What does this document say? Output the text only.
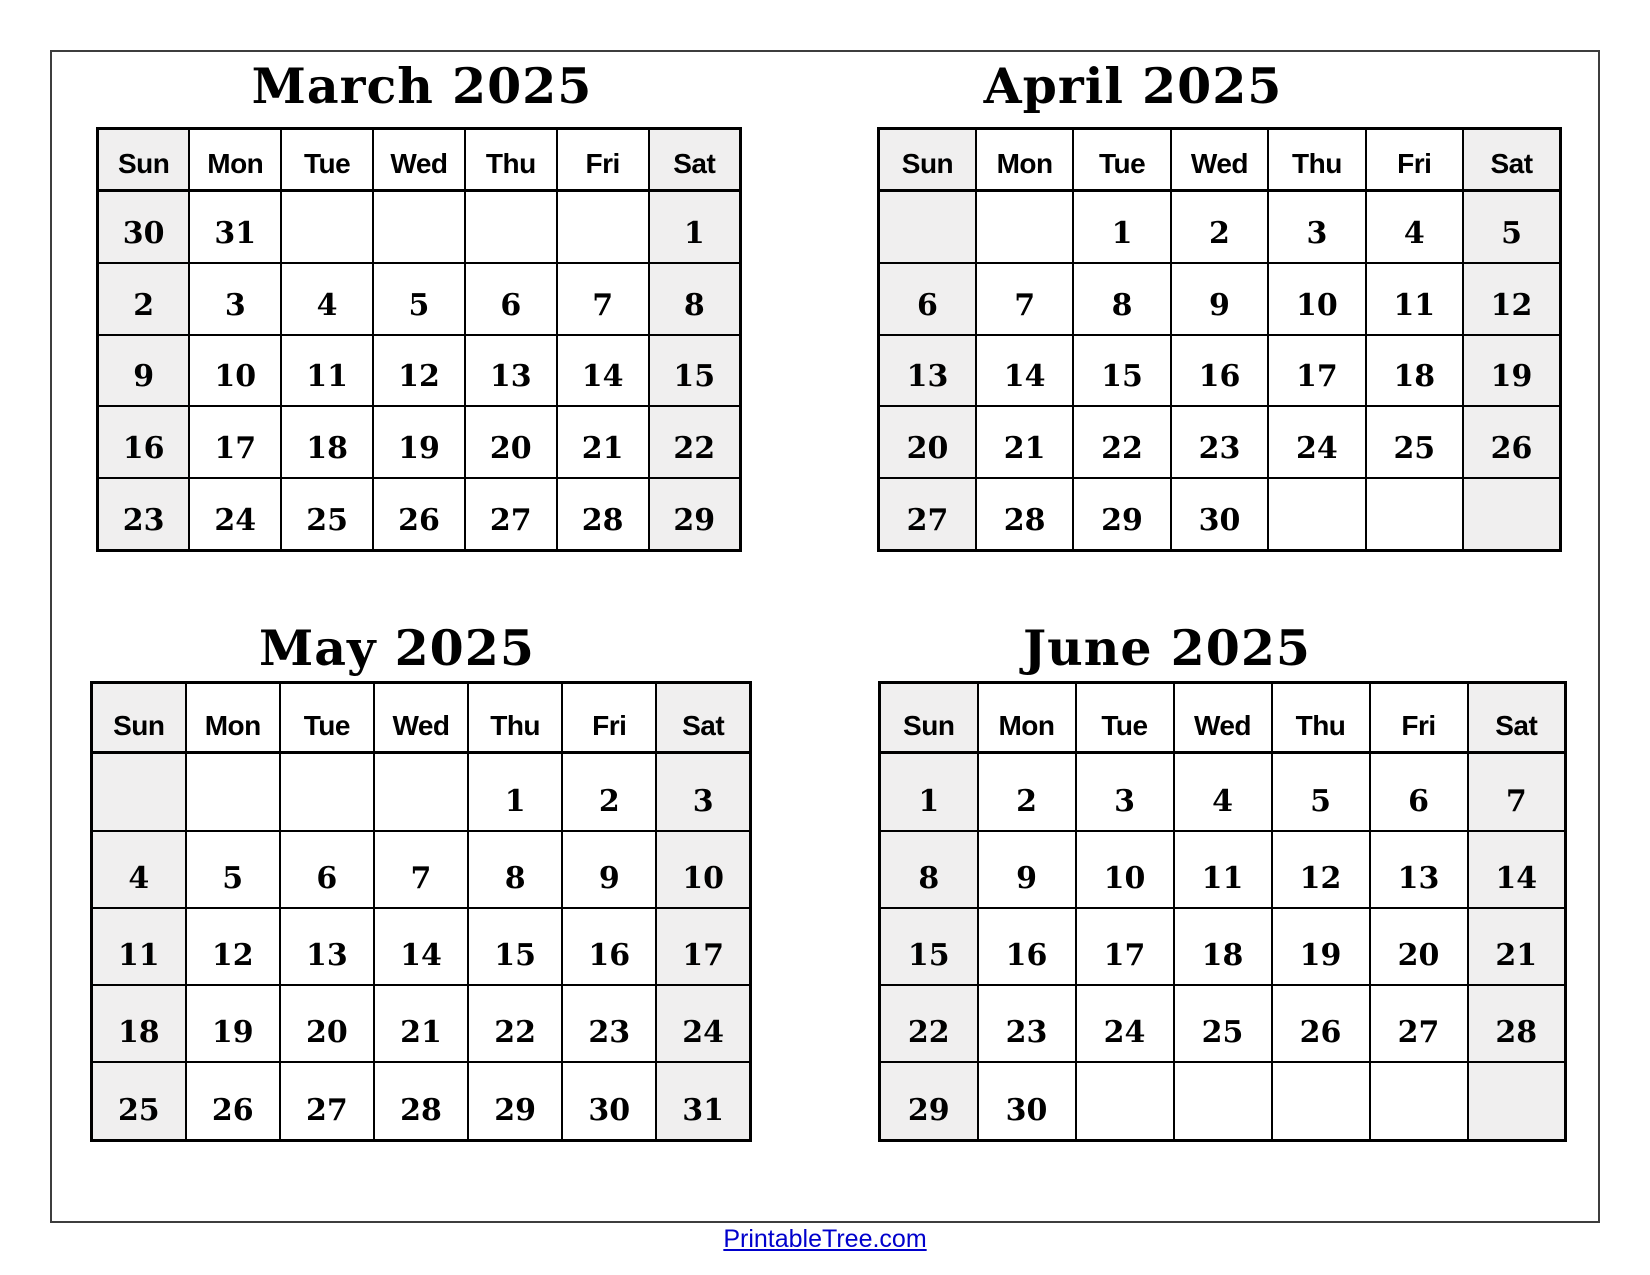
March 2025	April 2025
May 2025	June 2025
Sun	Mon	Tue	Wed	Thu	Fri	Sat
30	31					1
2	3	4	5	6	7	8
9	10	11	12	13	14	15
16	17	18	19	20	21	22
23	24	25	26	27	28	29
Sun	Mon	Tue	Wed	Thu	Fri	Sat
		1	2	3	4	5
6	7	8	9	10	11	12
13	14	15	16	17	18	19
20	21	22	23	24	25	26
27	28	29	30			
Sun	Mon	Tue	Wed	Thu	Fri	Sat
				1	2	3
4	5	6	7	8	9	10
11	12	13	14	15	16	17
18	19	20	21	22	23	24
25	26	27	28	29	30	31
Sun	Mon	Tue	Wed	Thu	Fri	Sat
1	2	3	4	5	6	7
8	9	10	11	12	13	14
15	16	17	18	19	20	21
22	23	24	25	26	27	28
29	30					
PrintableTree.com
